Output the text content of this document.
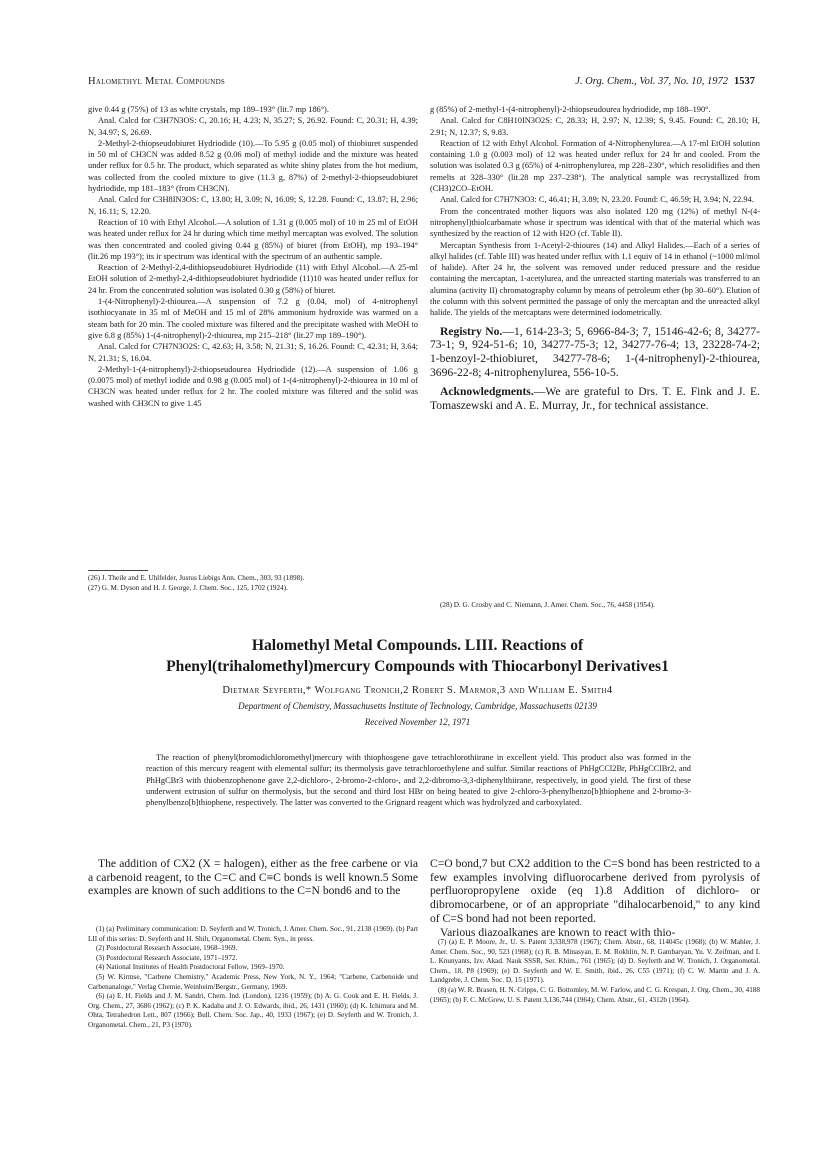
Halomethyl Metal Compounds	J. Org. Chem., Vol. 37, No. 10, 1972 1537

give 0.44 g (75%) of 13 as white crystals, mp 189–193° (lit.7 mp 186°).

Anal. Calcd for C3H7N3OS: C, 20.16; H, 4.23; N, 35.27; S, 26.92. Found: C, 20.31; H, 4.39; N, 34.97; S, 26.69.

2-Methyl-2-thiopseudobiuret Hydriodide (10).—To 5.95 g (0.05 mol) of thiobiuret suspended in 50 ml of CH3CN was added 8.52 g (0.06 mol) of methyl iodide and the mixture was heated under reflux for 0.5 hr. The product, which separated as white shiny plates from the hot medium, was collected from the cooled mixture to give (11.3 g, 87%) of 2-methyl-2-thiopseudobiuret hydriodide, mp 181–183° (from CH3CN).

Anal. Calcd for C3H8IN3OS: C, 13.80; H, 3.09; N, 16.09; S, 12.28. Found: C, 13.87; H, 2.96; N, 16.11; S, 12.20.

Reaction of 10 with Ethyl Alcohol.—A solution of 1.31 g (0.005 mol) of 10 in 25 ml of EtOH was heated under reflux for 24 hr during which time methyl mercaptan was evolved. The solution was then concentrated and cooled giving 0.44 g (85%) of biuret (from EtOH), mp 193–194° (lit.26 mp 193°); its ir spectrum was identical with the spectrum of an authentic sample.

Reaction of 2-Methyl-2,4-dithiopseudobiuret Hydriodide (11) with Ethyl Alcohol.—A 25-ml EtOH solution of 2-methyl-2,4-dithiopseudobiuret hydriodide (11)10 was heated under reflux for 24 hr. From the concentrated solution was isolated 0.30 g (58%) of biuret.

1-(4-Nitrophenyl)-2-thiourea.—A suspension of 7.2 g (0.04, mol) of 4-nitrophenyl isothiocyanate in 35 ml of MeOH and 15 ml of 28% ammonium hydroxide was warmed on a steam bath for 20 min. The cooled mixture was filtered and the precipitate washed with MeOH to give 6.8 g (85%) 1-(4-nitrophenyl)-2-thiourea, mp 215–218° (lit.27 mp 189–190°).

Anal. Calcd for C7H7N3O2S: C, 42.63; H, 3.58; N, 21.31; S, 16.26. Found: C, 42.31; H, 3.64; N, 21.31; S, 16.04.

2-Methyl-1-(4-nitrophenyl)-2-thiopseudourea Hydriodide (12).—A suspension of 1.06 g (0.0075 mol) of methyl iodide and 0.98 g (0.005 mol) of 1-(4-nitrophenyl)-2-thiourea in 10 ml of CH3CN was heated under reflux for 2 hr. The cooled mixture was filtered and the solid was washed with CH3CN to give 1.45

(26) J. Theile and E. Uhlfelder, Justus Liebigs Ann. Chem., 303, 93 (1898).
(27) G. M. Dyson and H. J. George, J. Chem. Soc., 125, 1702 (1924).

g (85%) of 2-methyl-1-(4-nitrophenyl)-2-thiopseudourea hydriodide, mp 188–190°.

Anal. Calcd for C8H10IN3O2S: C, 28.33; H, 2.97; N, 12.39; S, 9.45. Found: C, 28.10; H, 2.91; N, 12.37; S, 9.83.

Reaction of 12 with Ethyl Alcohol. Formation of 4-Nitrophenylurea.—A 17-ml EtOH solution containing 1.0 g (0.003 mol) of 12 was heated under reflux for 24 hr and cooled. From the solution was isolated 0.3 g (65%) of 4-nitrophenylurea, mp 228–230°, which resolidifies and then remelts at 328–330° (lit.28 mp 237–238°). The analytical sample was recrystallized from (CH3)2CO–EtOH.

Anal. Calcd for C7H7N3O3: C, 46.41; H, 3.89; N, 23.20. Found: C, 46.59; H, 3.94; N, 22.94.

From the concentrated mother liquors was also isolated 120 mg (12%) of methyl N-(4-nitrophenyl)thiolcarbamate whose ir spectrum was identical with that of the material which was synthesized by the reaction of 12 with H2O (cf. Table II).

Mercaptan Synthesis from 1-Acetyl-2-thioures (14) and Alkyl Halides.—Each of a series of alkyl halides (cf. Table III) was heated under reflux with 1.1 equiv of 14 in ethanol (~1000 ml/mol of halide). After 24 hr, the solvent was removed under reduced pressure and the residue containing the mercaptan, 1-acetylurea, and the unreacted starting materials was transferred to an alumina (activity II) chromatography column by means of petroleum ether (bp 30–60°). Elution of the column with this solvent permitted the passage of only the mercaptan and the unreacted alkyl halide. The yields of the mercaptans were determined iodometrically.

Registry No.—1, 614-23-3; 5, 6966-84-3; 7, 15146-42-6; 8, 34277-73-1; 9, 924-51-6; 10, 34277-75-3; 12, 34277-76-4; 13, 23228-74-2; 1-benzoyl-2-thiobiuret, 34277-78-6; 1-(4-nitrophenyl)-2-thiourea, 3696-22-8; 4-nitrophenylurea, 556-10-5.
Acknowledgments.—We are grateful to Drs. T. E. Fink and J. E. Tomaszewski and A. E. Murray, Jr., for technical assistance.
(28) D. G. Crosby and C. Niemann, J. Amer. Chem. Soc., 76, 4458 (1954).
Halomethyl Metal Compounds. LIII. Reactions of
Phenyl(trihalomethyl)mercury Compounds with Thiocarbonyl Derivatives1
Dietmar Seyferth,* Wolfgang Tronich,2 Robert S. Marmor,3 and William E. Smith4
Department of Chemistry, Massachusetts Institute of Technology, Cambridge, Massachusetts 02139
Received November 12, 1971
The reaction of phenyl(bromodichloromethyl)mercury with thiophosgene gave tetrachlorothiirane in excellent yield. This product also was formed in the reaction of this mercury reagent with elemental sulfur; its thermolysis gave tetrachloroethylene and sulfur. Similar reactions of PhHgCCl2Br, PhHgCClBr2, and PhHgCBr3 with thiobenzophenone gave 2,2-dichloro-, 2-bromo-2-chloro-, and 2,2-dibromo-3,3-diphenylthiirane, respectively, in good yield. The first of these underwent extrusion of sulfur on thermolysis, but the second and third lost HBr on being heated to give 2-chloro-3-phenylbenzo[b]thiophene and 2-bromo-3-phenylbenzo[b]thiophene, respectively. The latter was converted to the Grignard reagent which was hydrolyzed and carboxylated.
The addition of CX2 (X = halogen), either as the free carbene or via a carbenoid reagent, to the C=C and C≡C bonds is well known.5 Some examples are known of such additions to the C=N bond6 and to the

C=O bond,7 but CX2 addition to the C=S bond has been restricted to a few examples involving difluorocarbene derived from pyrolysis of perfluoropropylene oxide (eq 1).8 Addition of dichloro- or dibromocarbene, or of an appropriate "dihalocarbenoid," to any kind of C=S bond had not been reported.

Various diazoalkanes are known to react with thio-

(1) (a) Preliminary communication: D. Seyferth and W. Tronich, J. Amer. Chem. Soc., 91, 2138 (1969). (b) Part LII of this series: D. Seyferth and H. Shih, Organometal. Chem. Syn., in press.

(2) Postdoctoral Research Associate, 1968–1969.

(3) Postdoctoral Research Associate, 1971–1972.

(4) National Institutes of Health Postdoctoral Fellow, 1969–1970.

(5) W. Kirmse, "Carbene Chemistry," Academic Press, New York, N. Y., 1964; "Carbene, Carbenoide und Carbenanaloge," Verlag Chemie, Weinheim/Bergstr., Germany, 1969.

(6) (a) E. H. Fields and J. M. Sandri, Chem. Ind. (London), 1216 (1959); (b) A. G. Cook and E. H. Fields, J. Org. Chem., 27, 3686 (1962); (c) P. K. Kadaba and J. O. Edwards, ibid., 26, 1431 (1960); (d) K. Ichimura and M. Ohta, Tetrahedron Lett., 807 (1966); Bull. Chem. Soc. Jap., 40, 1933 (1967); (e) D. Seyferth and W. Tronich, J. Organometal. Chem., 21, P3 (1970).

(7) (a) E. P. Moore, Jr., U. S. Patent 3,338,978 (1967); Chem. Abstr., 68, 114045c (1968); (b) W. Mahler, J. Amer. Chem. Soc., 90, 523 (1968); (c) R. B. Minasyan, E. M. Rokhlin, N. P. Gambaryan, Yu. V. Zeifman, and I. L. Knunyants, Izv. Akad. Nauk SSSR, Ser. Khim., 761 (1965); (d) D. Seyferth and W. Tronich, J. Organometal. Chem., 18, P8 (1969); (e) D. Seyferth and W. E. Smith, ibid., 26, C55 (1971); (f) C. W. Martin and J. A. Landgrebe, J. Chem. Soc. D, 15 (1971).

(8) (a) W. R. Brasen, H. N. Cripps, C. G. Bottomley, M. W. Farlow, and C. G. Krespan, J. Org. Chem., 30, 4188 (1965); (b) F. C. McGrew, U. S. Patent 3,136,744 (1964); Chem. Abstr., 61, 4312b (1964).
